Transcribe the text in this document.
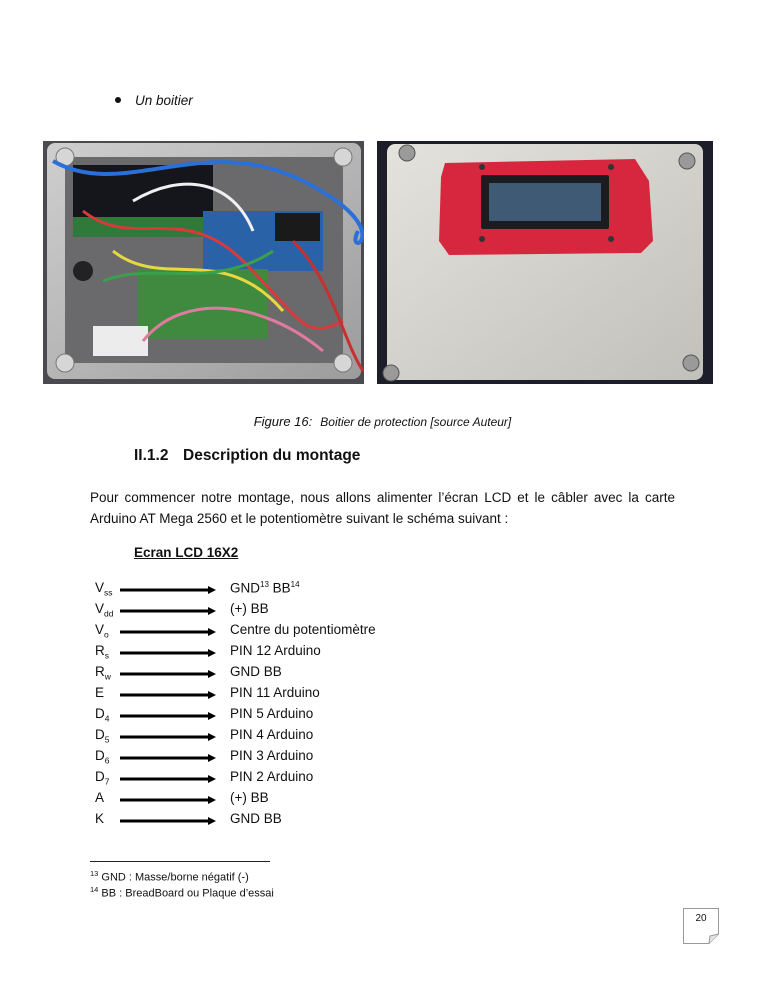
Un boitier
Figure 16: Boitier de protection [source Auteur]
II.1.2 Description du montage
Pour commencer notre montage, nous allons alimenter l’écran LCD et le câbler avec la carte Arduino AT Mega 2560 et le potentiomètre suivant le schéma suivant :
Ecran LCD 16X2
$V_{ss}$	GND$^{13}$ BB$^{14}$
$V_{dd}$	(+) BB
$V_o$	Centre du potentiomètre
$R_s$	PIN 12 Arduino
$R_w$	GND BB
E	PIN 11 Arduino
$D_4$	PIN 5 Arduino
$D_5$	PIN 4 Arduino
$D_6$	PIN 3 Arduino
$D_7$	PIN 2 Arduino
A	(+) BB
K	GND BB
$^{13}$ GND : Masse/borne négatif (-)
$^{14}$ BB : BreadBoard ou Plaque d’essai
20
